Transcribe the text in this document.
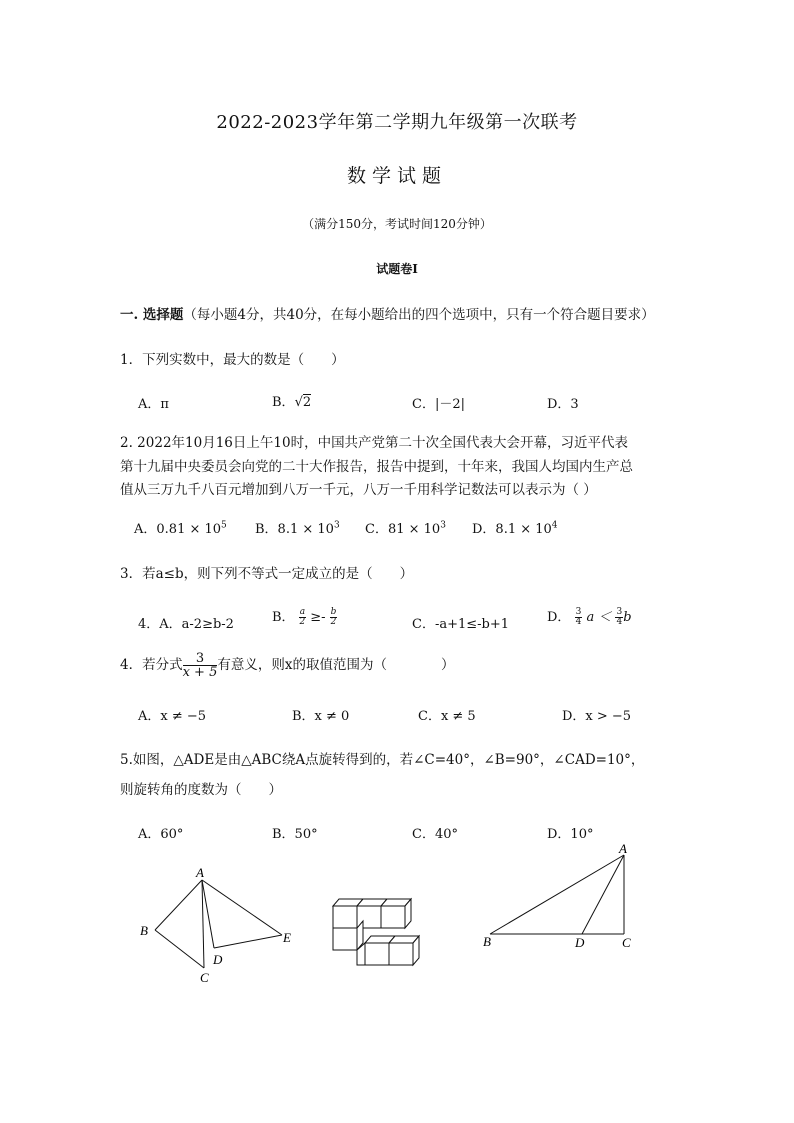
2022-2023学年第二学期九年级第一次联考
数学试题
（满分150分，考试时间120分钟）
试题卷Ⅰ
一. 选择题（每小题4分，共40分，在每小题给出的四个选项中，只有一个符合题目要求）
1．下列实数中，最大的数是（　　）
A．π	B．√2	C．|－2|	D．3
2. 2022年10月16日上午10时，中国共产党第二十次全国代表大会开幕，习近平代表
第十九届中央委员会向党的二十大作报告，报告中提到，十年来，我国人均国内生产总
值从三万九千八百元增加到八万一千元，八万一千用科学记数法可以表示为（ ）
A．$0.81 \times 10^5$ B．$8.1 \times 10^3$ C．$81 \times 10^3$ D．$8.1 \times 10^4$
3．若a≤b，则下列不等式一定成立的是（　　）
4．A．a-2≥b-2	B． $\frac{a}{2} \ge- \frac{b}{2}$	C．-a+1≤-b+1	D． $\frac{3}{4}$ $a < \frac{3}{4}$ b
4．若分式 $\frac{3}{x + 5}$ 有意义，则x的取值范围为（　　　　）
A．x ≠ −5	B．x ≠ 0	C．x ≠ 5	D．x > −5
5.如图，△ADE是由△ABC绕A点旋转得到的，若∠C=40°，∠B=90°，∠CAD=10°，
则旋转角的度数为（　　）
A．60°	B．50°	C．40°	D．10°
A
B
C
D
E
A
B	C
D
